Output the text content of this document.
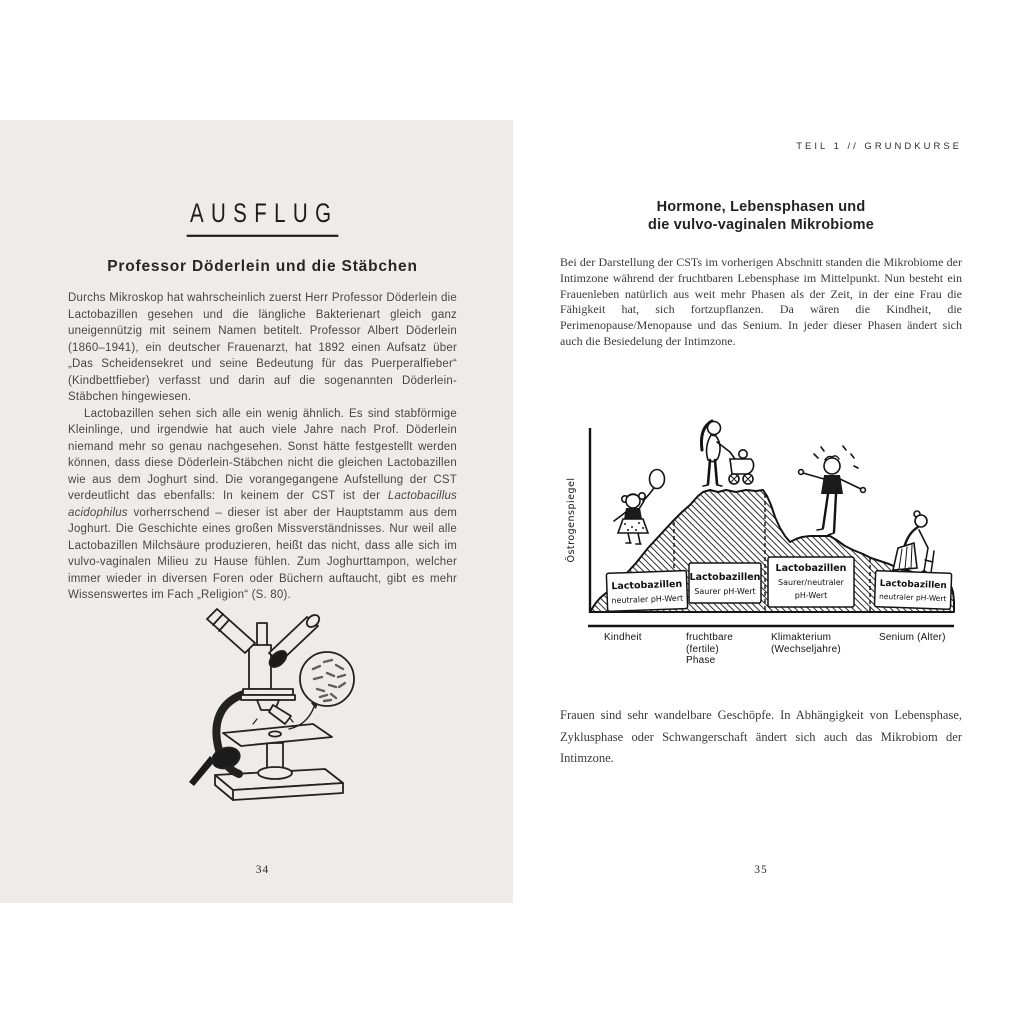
AUSFLUG
Professor Döderlein und die Stäbchen

Durchs Mikroskop hat wahrscheinlich zuerst Herr Professor Döderlein die Lactobazillen gesehen und die längliche Bakterienart gleich ganz uneigennützig mit seinem Namen betitelt. Professor Albert Döderlein (1860–1941), ein deutscher Frauenarzt, hat 1892 einen Aufsatz über „Das Scheidensekret und seine Bedeutung für das Puerperalfieber“ (Kindbettfieber) verfasst und darin auf die sogenannten Döderlein-Stäbchen hingewiesen.

Lactobazillen sehen sich alle ein wenig ähnlich. Es sind stabförmige Kleinlinge, und irgendwie hat auch viele Jahre nach Prof. Döderlein niemand mehr so genau nachgesehen. Sonst hätte festgestellt werden können, dass diese Döderlein-Stäbchen nicht die gleichen Lactobazillen wie aus dem Joghurt sind. Die vorangegangene Aufstellung der CST verdeutlicht das ebenfalls: In keinem der CST ist der Lactobacillus acidophilus vorherrschend – dieser ist aber der Hauptstamm aus dem Joghurt. Die Geschichte eines großen Missverständnisses. Nur weil alle Lactobazillen Milchsäure produzieren, heißt das nicht, dass alle sich im vulvo-vaginalen Milieu zu Hause fühlen. Zum Joghurttampon, welcher immer wieder in diversen Foren oder Büchern auftaucht, gibt es mehr Wissenswertes im Fach „Religion“ (S. 80).

34
TEIL 1 // GRUNDKURSE
Hormone, Lebensphasen und
die vulvo-vaginalen Mikrobiome

Bei der Darstellung der CSTs im vorherigen Abschnitt standen die Mikrobiome der Intimzone während der fruchtbaren Lebensphase im Mittelpunkt. Nun besteht ein Frauenleben natürlich aus weit mehr Phasen als der Zeit, in der eine Frau die Fähigkeit hat, sich fortzupflanzen. Da wären die Kindheit, die Perimenopause/Menopause und das Senium. In jeder dieser Phasen ändert sich auch die Besiedelung der Intimzone.

Östrogenspiegel
Lactobazillen
neutraler pH-Wert
Lactobazillen
Saurer pH-Wert
Lactobazillen
Saurer/neutraler
pH-Wert
Lactobazillen
neutraler pH-Wert
Kindheit	fruchtbare
(fertile)
Phase
Klimakterium
(Wechseljahre)
Senium (Alter)

Frauen sind sehr wandelbare Geschöpfe. In Abhängigkeit von Lebensphase, Zyklusphase oder Schwangerschaft ändert sich auch das Mikrobiom der Intimzone.

35
